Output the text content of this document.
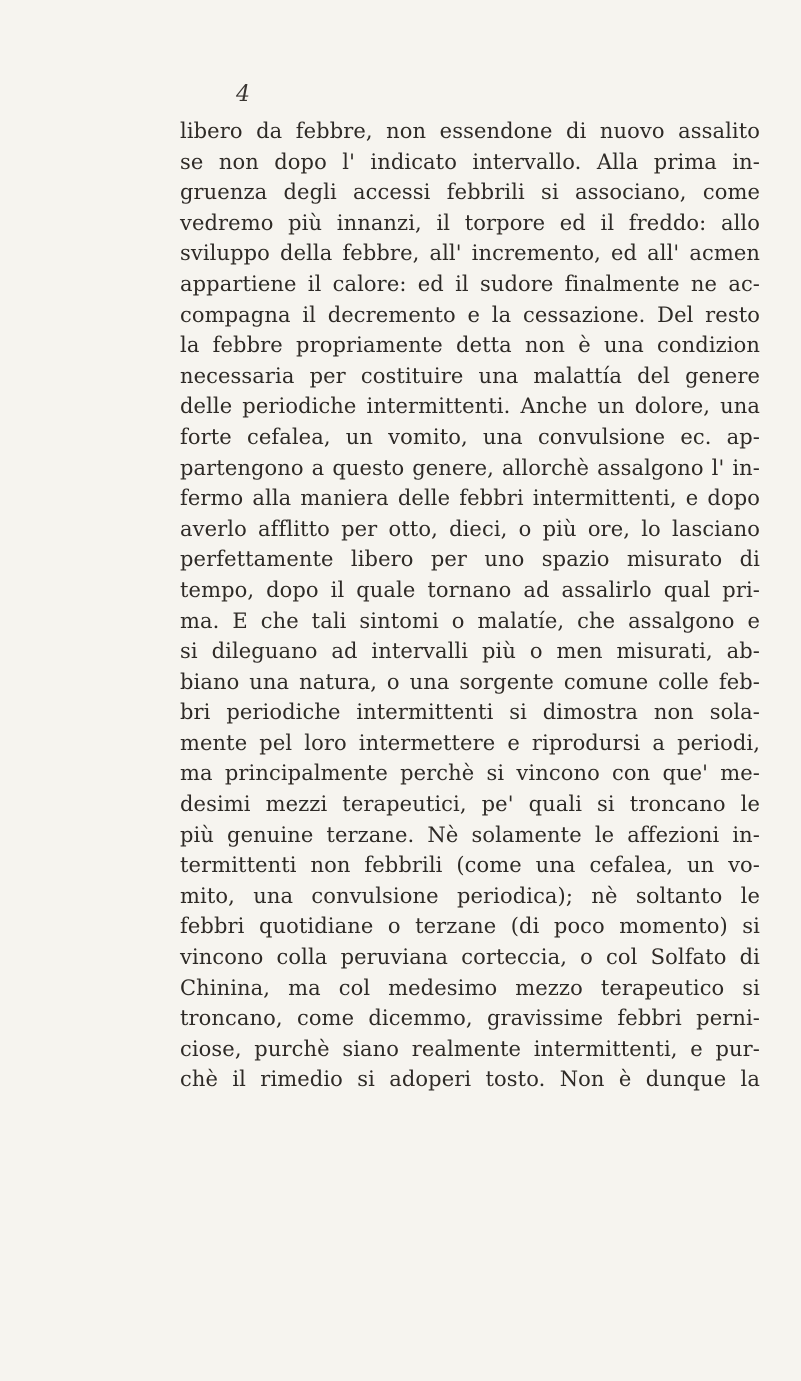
4
libero da febbre, non essendone di nuovo assalito
se non dopo l' indicato intervallo. Alla prima in-
gruenza degli accessi febbrili si associano, come
vedremo più innanzi, il torpore ed il freddo: allo
sviluppo della febbre, all' incremento, ed all' acmen
appartiene il calore: ed il sudore finalmente ne ac-
compagna il decremento e la cessazione. Del resto
la febbre propriamente detta non è una condizion
necessaria per costituire una malattía del genere
delle periodiche intermittenti. Anche un dolore, una
forte cefalea, un vomito, una convulsione ec. ap-
partengono a questo genere, allorchè assalgono l' in-
fermo alla maniera delle febbri intermittenti, e dopo
averlo afflitto per otto, dieci, o più ore, lo lasciano
perfettamente libero per uno spazio misurato di
tempo, dopo il quale tornano ad assalirlo qual pri-
ma. E che tali sintomi o malatíe, che assalgono e
si dileguano ad intervalli più o men misurati, ab-
biano una natura, o una sorgente comune colle feb-
bri periodiche intermittenti si dimostra non sola-
mente pel loro intermettere e riprodursi a periodi,
ma principalmente perchè si vincono con que' me-
desimi mezzi terapeutici, pe' quali si troncano le
più genuine terzane. Nè solamente le affezioni in-
termittenti non febbrili (come una cefalea, un vo-
mito, una convulsione periodica); nè soltanto le
febbri quotidiane o terzane (di poco momento) si
vincono colla peruviana corteccia, o col Solfato di
Chinina, ma col medesimo mezzo terapeutico si
troncano, come dicemmo, gravissime febbri perni-
ciose, purchè siano realmente intermittenti, e pur-
chè il rimedio si adoperi tosto. Non è dunque la
